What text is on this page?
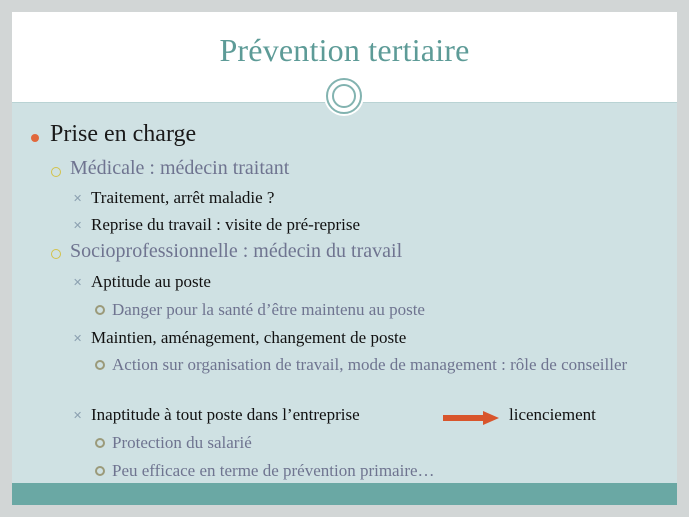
Prévention tertiaire
Prise en charge
Médicale : médecin traitant
✕ Traitement, arrêt maladie ?
✕ Reprise du travail : visite de pré-reprise
Socioprofessionnelle : médecin du travail
✕ Aptitude au poste
Danger pour la santé d’être maintenu au poste
✕ Maintien, aménagement, changement de poste
Action sur organisation de travail, mode de management : rôle de conseiller
✕ Inaptitude à tout poste dans l’entreprise	licenciement
Protection du salarié
Peu efficace en terme de prévention primaire…
